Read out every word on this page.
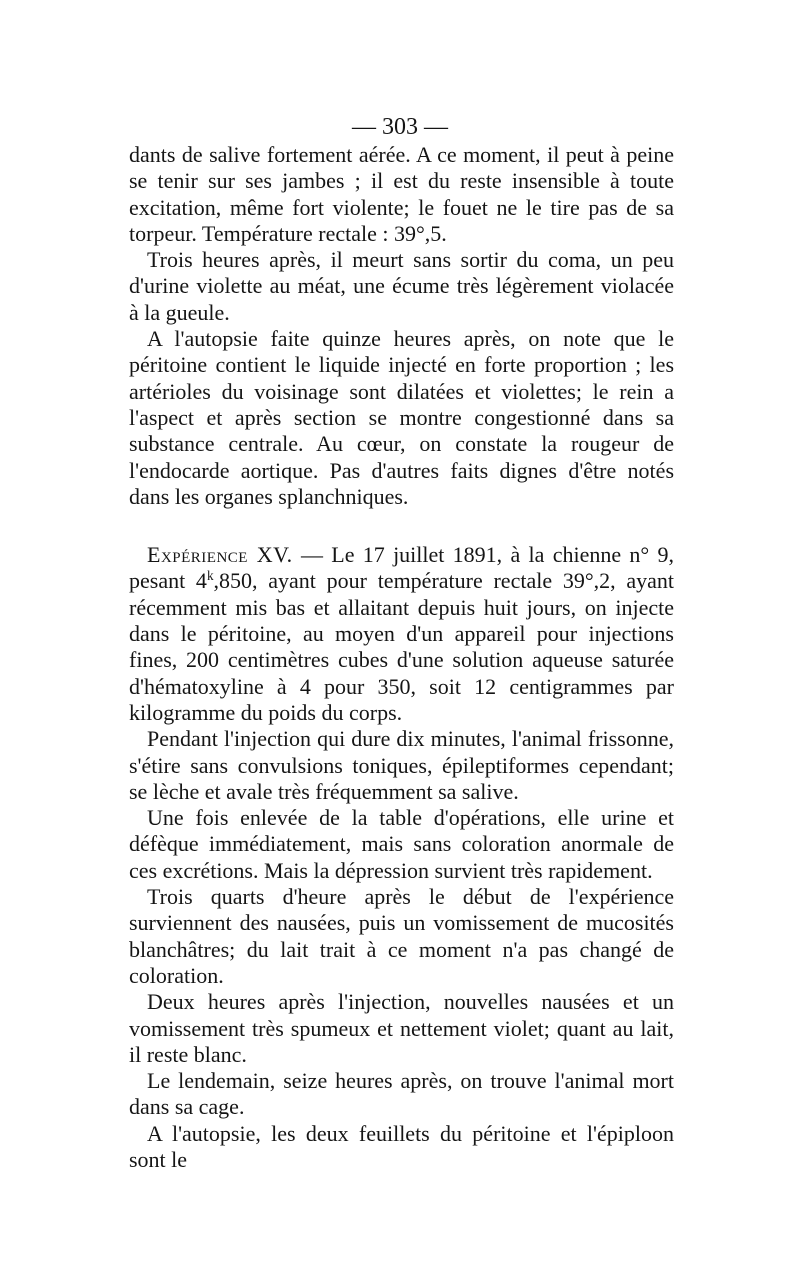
— 303 —

dants de salive fortement aérée. A ce moment, il peut à peine se tenir sur ses jambes ; il est du reste insensible à toute excitation, même fort violente; le fouet ne le tire pas de sa torpeur. Température rectale : 39°,5.

Trois heures après, il meurt sans sortir du coma, un peu d'urine violette au méat, une écume très légèrement violacée à la gueule.

A l'autopsie faite quinze heures après, on note que le péritoine contient le liquide injecté en forte proportion ; les artérioles du voisinage sont dilatées et violettes; le rein a l'aspect et après section se montre congestionné dans sa substance centrale. Au cœur, on constate la rougeur de l'endocarde aortique. Pas d'autres faits dignes d'être notés dans les organes splanchniques.

Expérience XV. — Le 17 juillet 1891, à la chienne n° 9, pesant 4$^k$,850, ayant pour température rectale 39°,2, ayant récemment mis bas et allaitant depuis huit jours, on injecte dans le péritoine, au moyen d'un appareil pour injections fines, 200 centimètres cubes d'une solution aqueuse saturée d'hématoxyline à 4 pour 350, soit 12 centigrammes par kilogramme du poids du corps.

Pendant l'injection qui dure dix minutes, l'animal frissonne, s'étire sans convulsions toniques, épileptiformes cependant; se lèche et avale très fréquemment sa salive.

Une fois enlevée de la table d'opérations, elle urine et défèque immédiatement, mais sans coloration anormale de ces excrétions. Mais la dépression survient très rapidement.

Trois quarts d'heure après le début de l'expérience surviennent des nausées, puis un vomissement de mucosités blanchâtres; du lait trait à ce moment n'a pas changé de coloration.

Deux heures après l'injection, nouvelles nausées et un vomissement très spumeux et nettement violet; quant au lait, il reste blanc.

Le lendemain, seize heures après, on trouve l'animal mort dans sa cage.

A l'autopsie, les deux feuillets du péritoine et l'épiploon sont le
